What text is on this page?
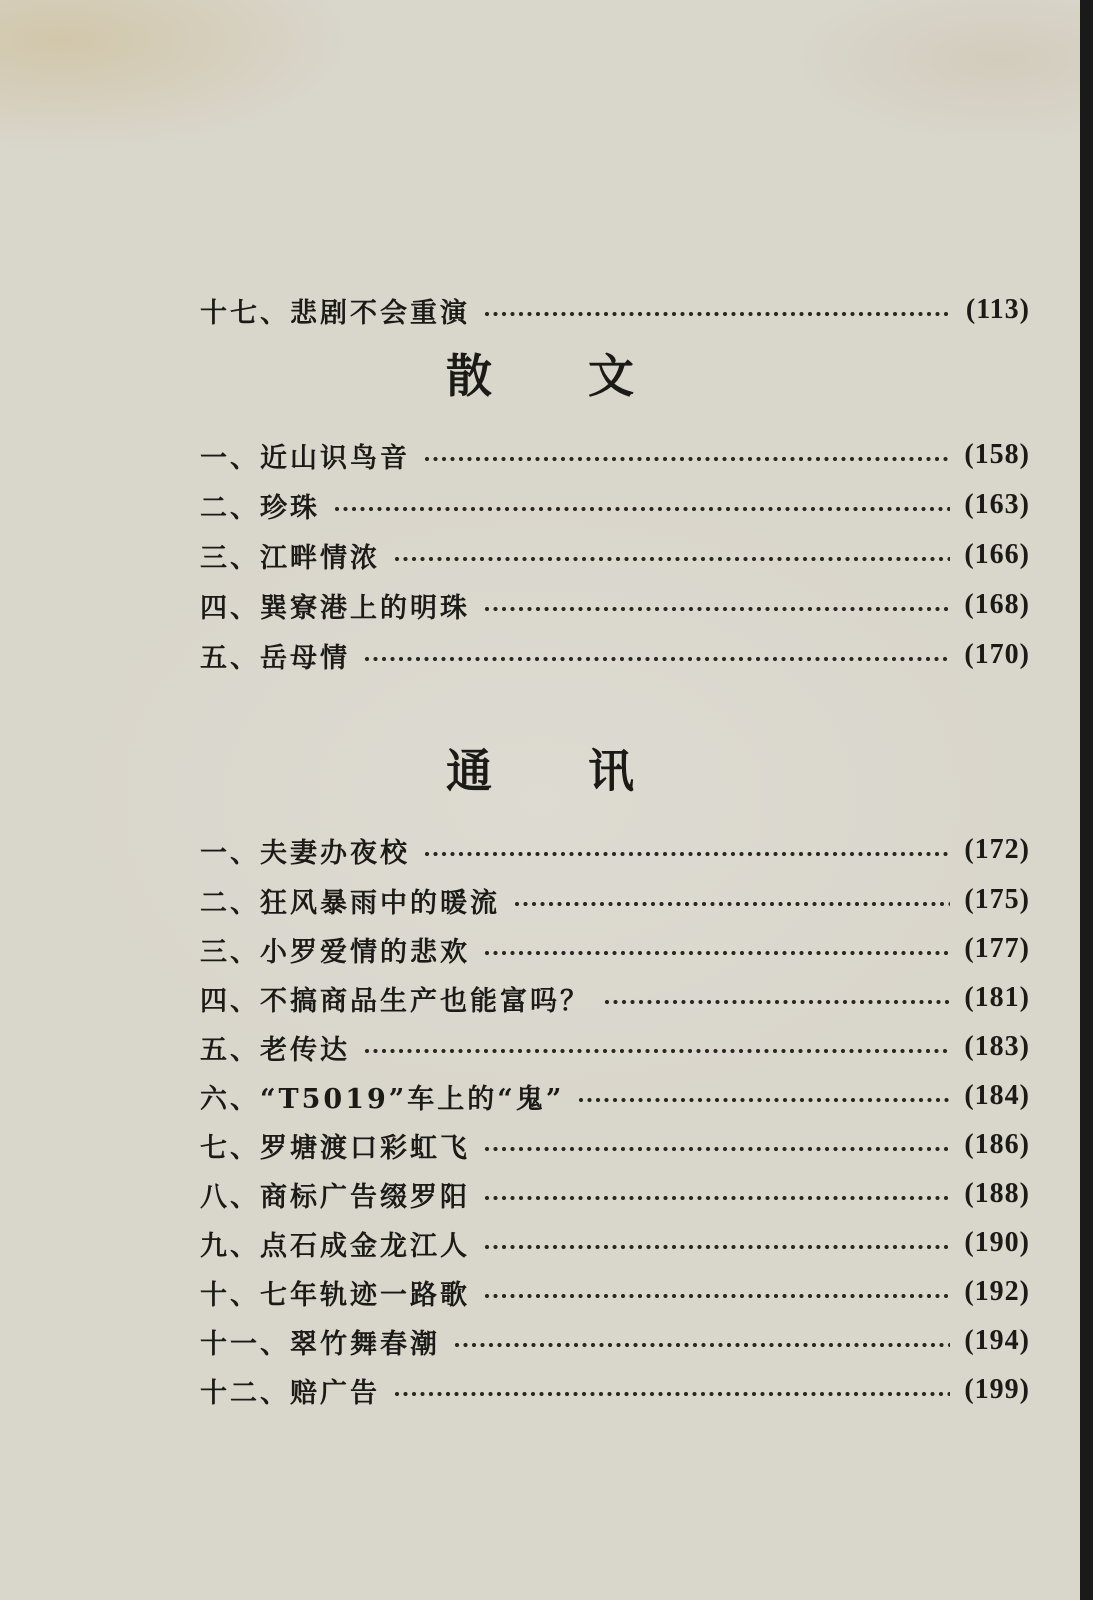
十七、悲剧不会重演	(113)
一、近山识鸟音	(158)
二、珍珠	(163)
三、江畔情浓	(166)
四、巽寮港上的明珠	(168)
五、岳母情	(170)
一、夫妻办夜校	(172)
二、狂风暴雨中的暖流	(175)
三、小罗爱情的悲欢	(177)
四、不搞商品生产也能富吗？	(181)
五、老传达	(183)
六、“T5019”车上的“鬼”	(184)
七、罗塘渡口彩虹飞	(186)
八、商标广告缀罗阳	(188)
九、点石成金龙江人	(190)
十、七年轨迹一路歌	(192)
十一、翠竹舞春潮	(194)
十二、赔广告	(199)
散 文
通 讯
